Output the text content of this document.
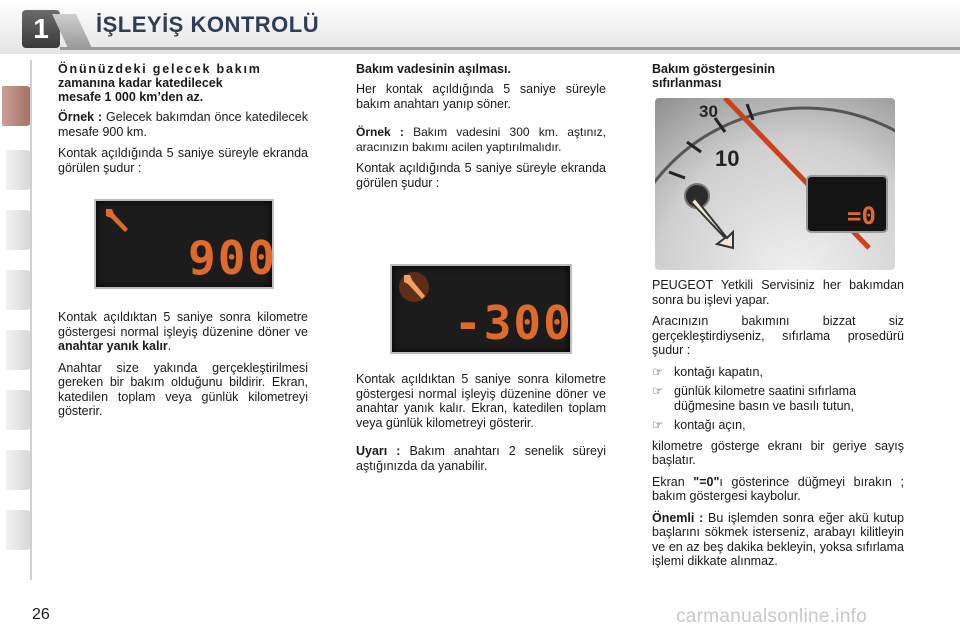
1	İŞLEYİŞ KONTROLÜ
Önünüzdeki gelecek bakım
zamanına kadar katedilecek
mesafe 1 000 km’den az.

Örnek : Gelecek bakımdan önce katedilecek mesafe 900 km.

Kontak açıldığında 5 saniye süreyle ekranda görülen şudur :

900

Kontak açıldıktan 5 saniye sonra kilometre göstergesi normal işleyiş düzenine döner ve anahtar yanık kalır.

Anahtar size yakında gerçekleştirilmesi gereken bir bakım olduğunu bildirir. Ekran, katedilen toplam veya günlük kilometreyi gösterir.

Bakım vadesinin aşılması.

Her kontak açıldığında 5 saniye süreyle bakım anahtarı yanıp söner.

Örnek : Bakım vadesini 300 km. aştınız, aracınızın bakımı acilen yaptırılmalıdır.

Kontak açıldığında 5 saniye süreyle ekranda görülen şudur :

-300

Kontak açıldıktan 5 saniye sonra kilometre göstergesi normal işleyiş düzenine döner ve anahtar yanık kalır. Ekran, katedilen toplam veya günlük kilometreyi gösterir.

Uyarı : Bakım anahtarı 2 senelik süreyi aştığınızda da yanabilir.

Bakım göstergesinin
sıfırlanması
30
10
=0

PEUGEOT Yetkili Servisiniz her bakımdan sonra bu işlevi yapar.

Aracınızın bakımını bizzat siz gerçekleştirdiyseniz, sıfırlama prosedürü şudur :

☞ kontağı kapatın,
☞ günlük kilometre saatini sıfırlama düğmesine basın ve basılı tutun,
☞ kontağı açın,

kilometre gösterge ekranı bir geriye sayış başlatır.

Ekran "=0"ı gösterince düğmeyi bırakın ; bakım göstergesi kaybolur.

Önemli : Bu işlemden sonra eğer akü kutup başlarını sökmek isterseniz, arabayı kilitleyin ve en az beş dakika bekleyin, yoksa sıfırlama işlemi dikkate alınmaz.

26	carmanualsonline.info
